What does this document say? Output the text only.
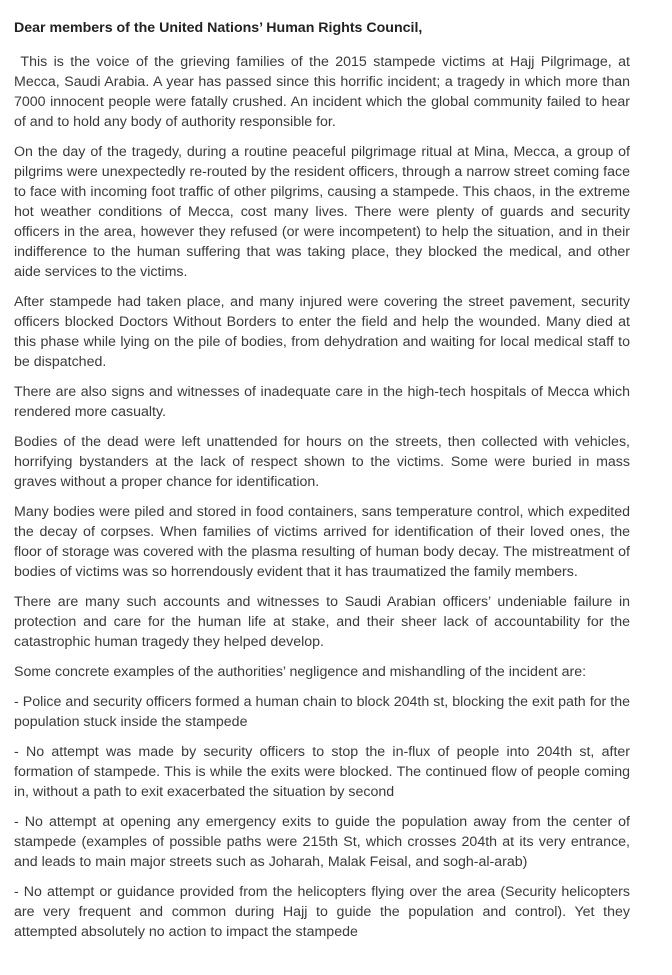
Dear members of the United Nations’ Human Rights Council,

This is the voice of the grieving families of the 2015 stampede victims at Hajj Pilgrimage, at Mecca, Saudi Arabia. A year has passed since this horrific incident; a tragedy in which more than 7000 innocent people were fatally crushed. An incident which the global community failed to hear of and to hold any body of authority responsible for.

On the day of the tragedy, during a routine peaceful pilgrimage ritual at Mina, Mecca, a group of pilgrims were unexpectedly re-routed by the resident officers, through a narrow street coming face to face with incoming foot traffic of other pilgrims, causing a stampede. This chaos, in the extreme hot weather conditions of Mecca, cost many lives. There were plenty of guards and security officers in the area, however they refused (or were incompetent) to help the situation, and in their indifference to the human suffering that was taking place, they blocked the medical, and other aide services to the victims.

After stampede had taken place, and many injured were covering the street pavement, security officers blocked Doctors Without Borders to enter the field and help the wounded. Many died at this phase while lying on the pile of bodies, from dehydration and waiting for local medical staff to be dispatched.

There are also signs and witnesses of inadequate care in the high-tech hospitals of Mecca which rendered more casualty.

Bodies of the dead were left unattended for hours on the streets, then collected with vehicles, horrifying bystanders at the lack of respect shown to the victims. Some were buried in mass graves without a proper chance for identification.

Many bodies were piled and stored in food containers, sans temperature control, which expedited the decay of corpses. When families of victims arrived for identification of their loved ones, the floor of storage was covered with the plasma resulting of human body decay. The mistreatment of bodies of victims was so horrendously evident that it has traumatized the family members.

There are many such accounts and witnesses to Saudi Arabian officers’ undeniable failure in protection and care for the human life at stake, and their sheer lack of accountability for the catastrophic human tragedy they helped develop.

Some concrete examples of the authorities’ negligence and mishandling of the incident are:

- Police and security officers formed a human chain to block 204th st, blocking the exit path for the population stuck inside the stampede

- No attempt was made by security officers to stop the in-flux of people into 204th st, after formation of stampede. This is while the exits were blocked. The continued flow of people coming in, without a path to exit exacerbated the situation by second

- No attempt at opening any emergency exits to guide the population away from the center of stampede (examples of possible paths were 215th St, which crosses 204th at its very entrance, and leads to main major streets such as Joharah, Malak Feisal, and sogh-al-arab)

- No attempt or guidance provided from the helicopters flying over the area (Security helicopters are very frequent and common during Hajj to guide the population and control). Yet they attempted absolutely no action to impact the stampede
